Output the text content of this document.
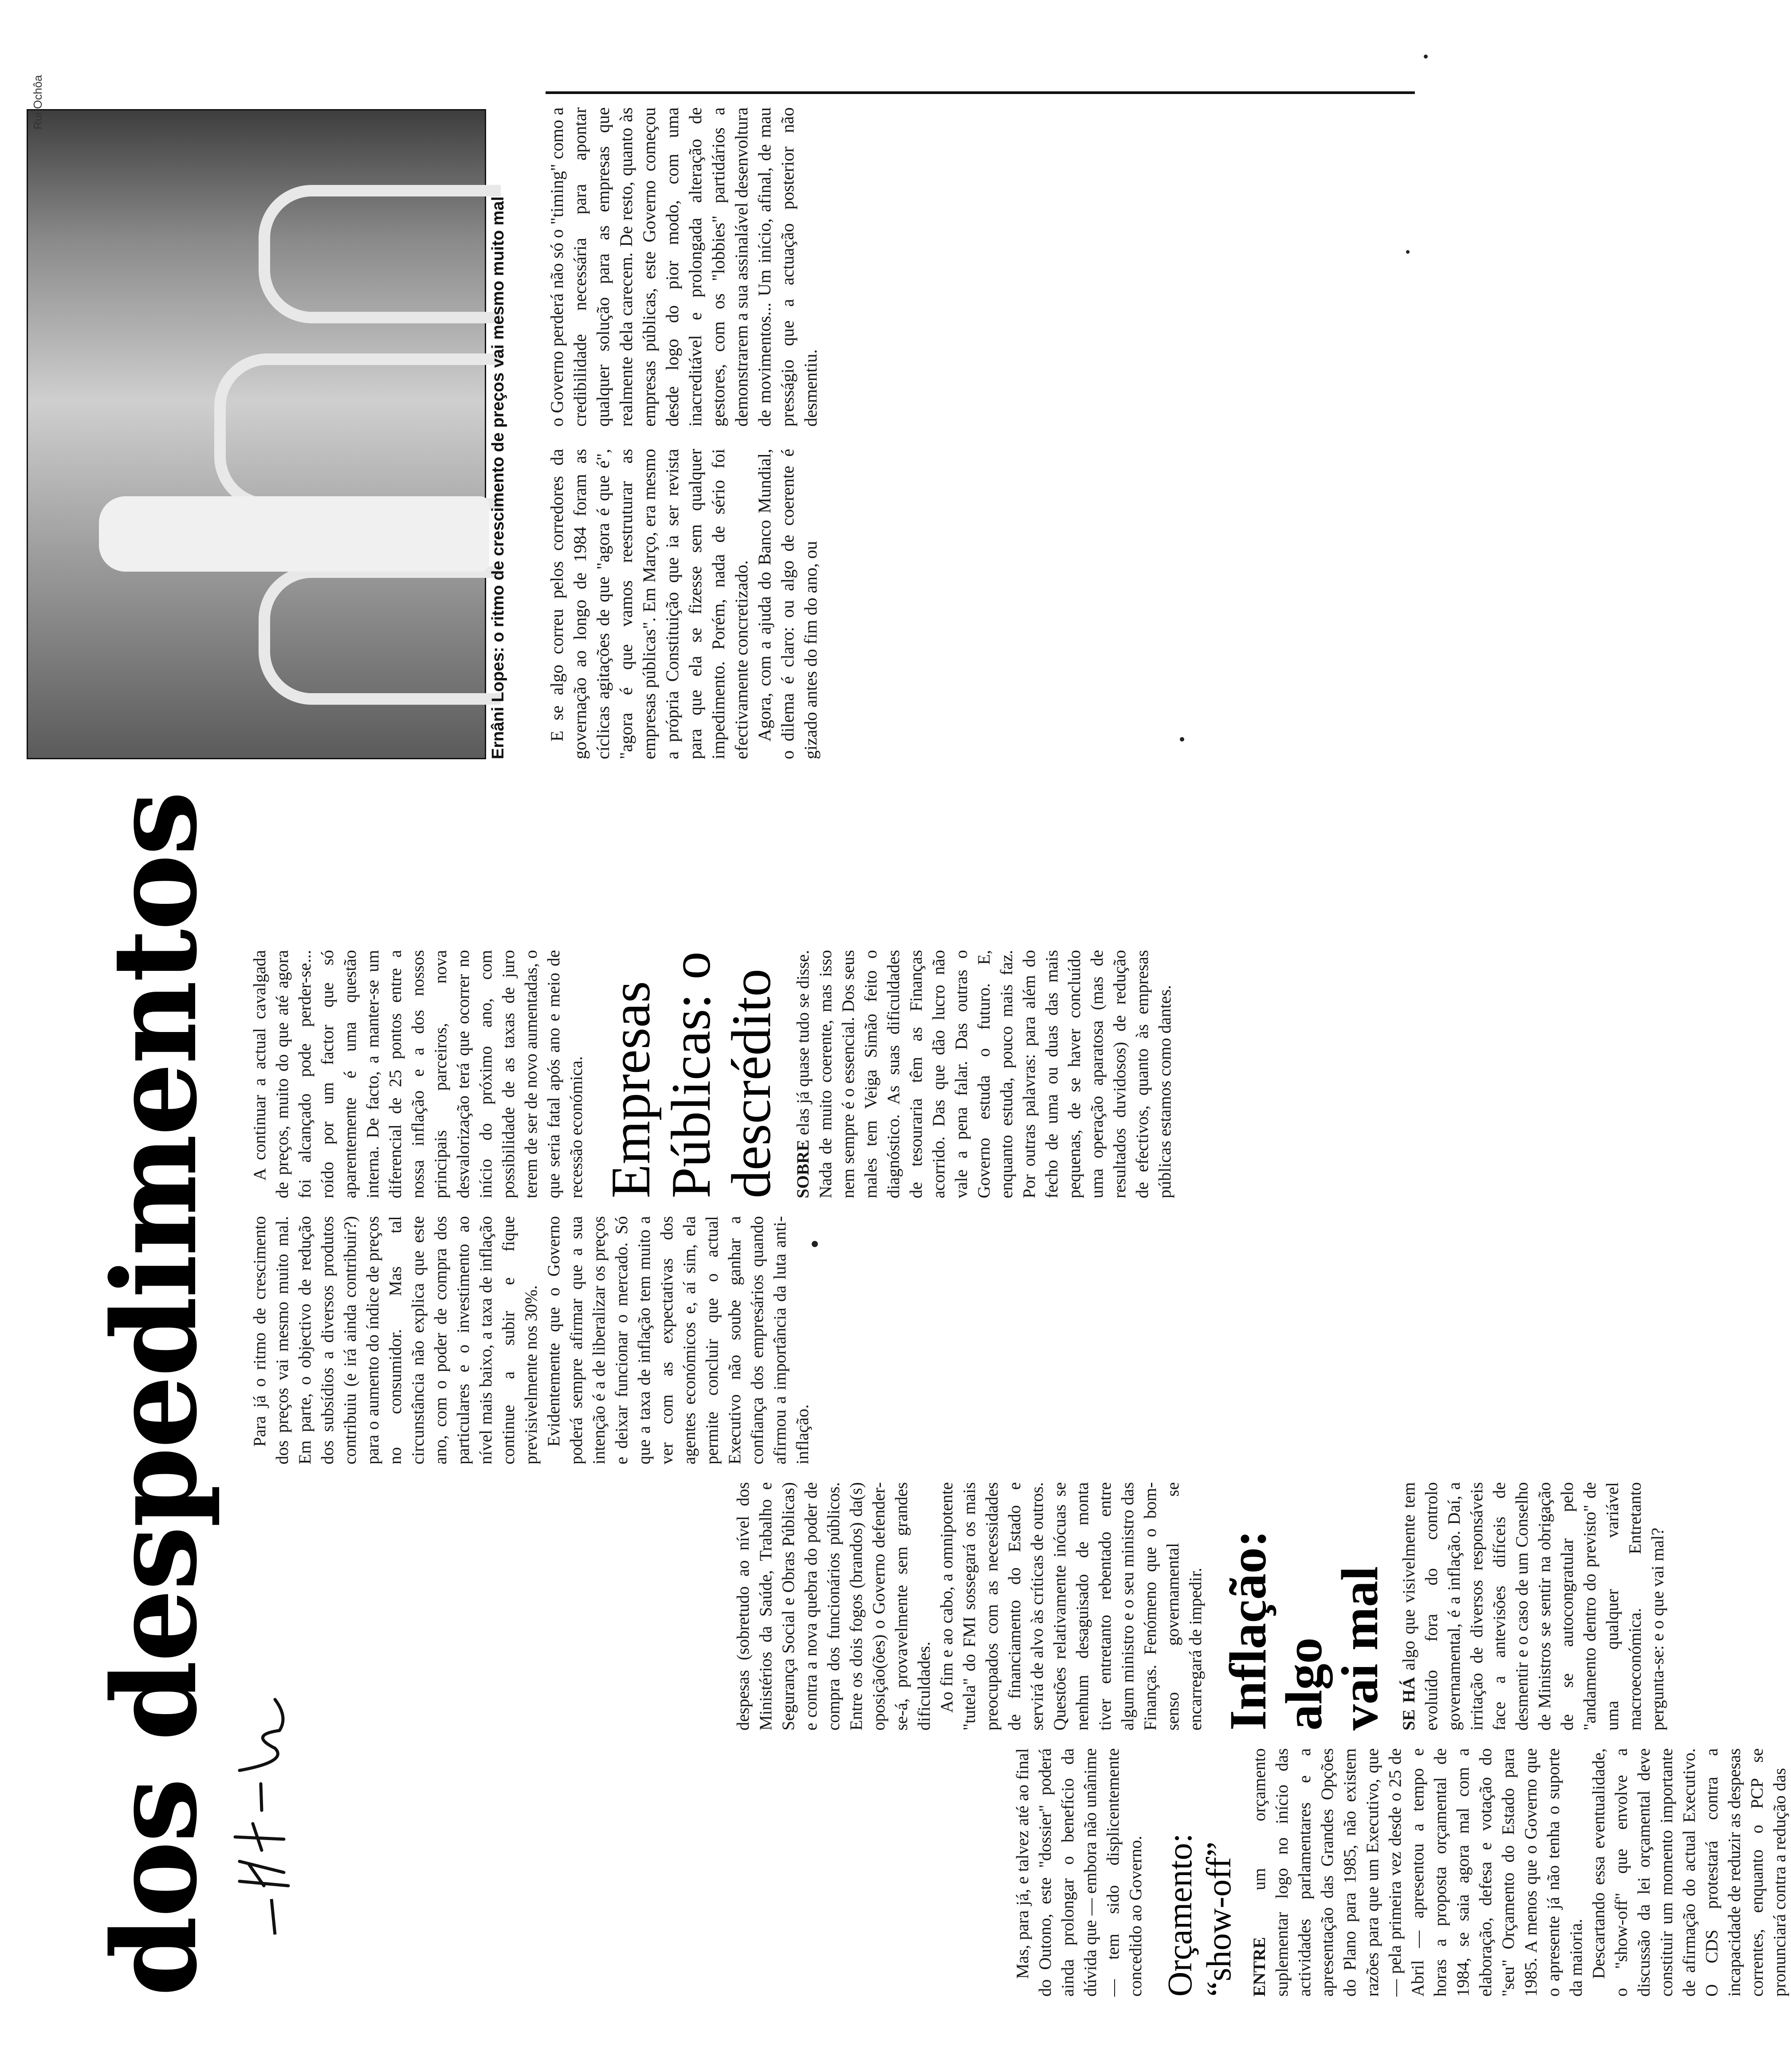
dos despedimentos	Mas, para já, e talvez até ao final do Outono, este "dossier" poderá ainda prolongar o benefício da dúvida que — embora não unânime — tem sido displicentemente concedido ao Governo. Orçamento: “show-off” ENTRE um orçamento suplementar logo no início das actividades parlamentares e a apresentação das Grandes Opções do Plano para 1985, não existem razões para que um Executivo, que — pela primeira vez desde o 25 de Abril — apresentou a tempo e horas a proposta orçamental de 1984, se saia agora mal com a elaboração, defesa e votação do "seu" Orçamento do Estado para 1985. A menos que o Governo que o apresente já não tenha o suporte da maioria. Descartando essa eventualidade, o "show-off" que envolve a discussão da lei orçamental deve constituir um momento importante de afirmação do actual Executivo. O CDS protestará contra a incapacidade de reduzir as despesas correntes, enquanto o PCP se pronunciará contra a redução das

despesas (sobretudo ao nível dos Ministérios da Saúde, Trabalho e Segurança Social e Obras Públicas) e contra a nova quebra do poder de compra dos funcionários públicos. Entre os dois fogos (brandos) da(s) oposição(ões) o Governo defender-se-á, provavelmente sem grandes dificuldades. Ao fim e ao cabo, a omnipotente "tutela" do FMI sossegará os mais preocupados com as necessidades de financiamento do Estado e servirá de alvo às críticas de outros. Questões relativamente inócuas se nenhum desaguisado de monta tiver entretanto rebentado entre algum ministro e o seu ministro das Finanças. Fenómeno que o bom-senso governamental se encarregará de impedir. Inflação:
algo
vai mal SE HÁ algo que visivelmente tem evoluído fora do controlo governamental, é a inflação. Daí, a irritação de diversos responsáveis face a antevisões difíceis de desmentir e o caso de um Conselho de Ministros se sentir na obrigação de se autocongratular pelo "andamento dentro do previsto" de uma qualquer variável macroeconómica. Entretanto pergunta-se: e o que vai mal?

Para já o ritmo de crescimento dos preços vai mesmo muito mal. Em parte, o objectivo de redução dos subsídios a diversos produtos contribuiu (e irá ainda contribuir?) para o aumento do índice de preços no consumidor. Mas tal circunstância não explica que este ano, com o poder de compra dos particulares e o investimento ao nível mais baixo, a taxa de inflação continue a subir e fique previsivelmente nos 30%. Evidentemente que o Governo poderá sempre afirmar que a sua intenção é a de liberalizar os preços e deixar funcionar o mercado. Só que a taxa de inflação tem muito a ver com as expectativas dos agentes económicos e, aí sim, ela permite concluir que o actual Executivo não soube ganhar a confiança dos empresários quando afirmou a importância da luta anti-inflação.

A continuar a actual cavalgada de preços, muito do que até agora foi alcançado pode perder-se... roído por um factor que só aparentemente é uma questão interna. De facto, a manter-se um diferencial de 25 pontos entre a nossa inflação e a dos nossos principais parceiros, nova desvalorização terá que ocorrer no início do próximo ano, com possibilidade de as taxas de juro terem de ser de novo aumentadas, o que seria fatal após ano e meio de recessão económica. Empresas
Públicas: o
descrédito SOBRE elas já quase tudo se disse. Nada de muito coerente, mas isso nem sempre é o essencial. Dos seus males tem Veiga Simão feito o diagnóstico. As suas dificuldades de tesouraria têm as Finanças acorrido. Das que dão lucro não vale a pena falar. Das outras o Governo estuda o futuro. E, enquanto estuda, pouco mais faz. Por outras palavras: para além do fecho de uma ou duas das mais pequenas, de se haver concluído uma operação aparatosa (mas de resultados duvidosos) de redução de efectivos, quanto às empresas públicas estamos como dantes.

Rui Ochôa
Ernâni Lopes: o ritmo de crescimento de preços vai mesmo muito mal E se algo correu pelos corredores da governação ao longo de 1984 foram as cíclicas agitações de que "agora é que é", "agora é que vamos reestruturar as empresas públicas". Em Março, era mesmo a própria Constituição que ia ser revista para que ela se fizesse sem qualquer impedimento. Porém, nada de sério foi efectivamente concretizado. Agora, com a ajuda do Banco Mundial, o dilema é claro: ou algo de coerente é gizado antes do fim do ano, ou

o Governo perderá não só o "timing" como a credibilidade necessária para apontar qualquer solução para as empresas que realmente dela carecem. De resto, quanto às empresas públicas, este Governo começou desde logo do pior modo, com uma inacreditável e prolongada alteração de gestores, com os "lobbies" partidários a demonstrarem a sua assinalável desenvoltura de movimentos... Um início, afinal, de mau presságio que a actuação posterior não desmentiu.
